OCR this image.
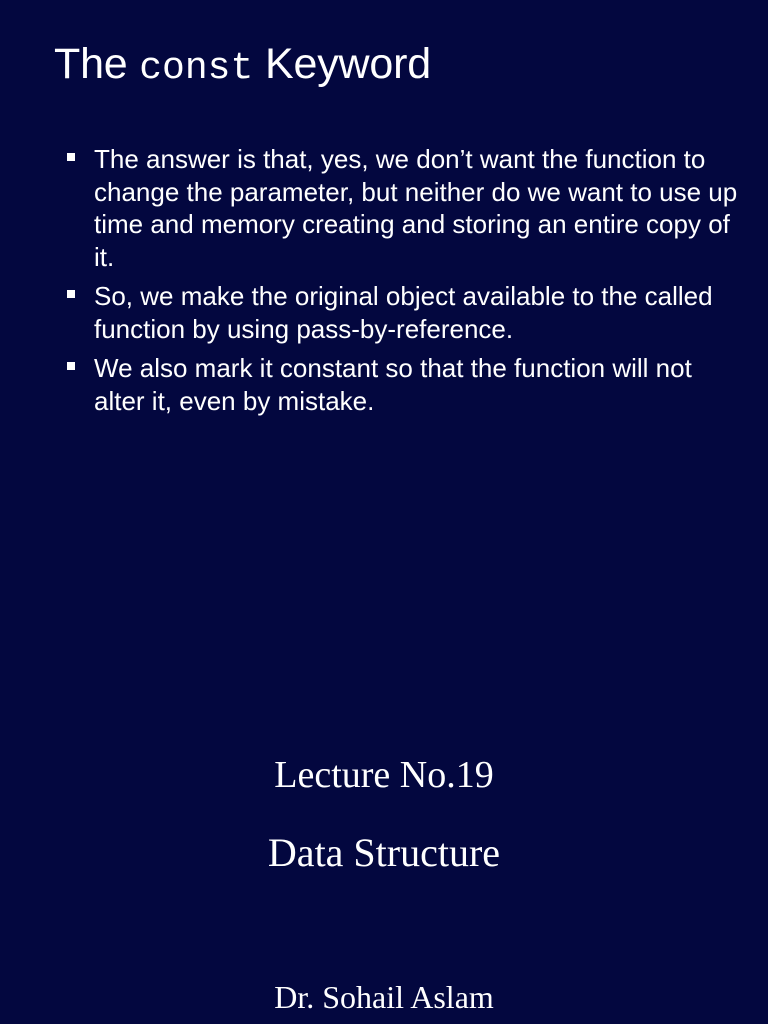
The const Keyword
The answer is that, yes, we don’t want the function to change the parameter, but neither do we want to use up time and memory creating and storing an entire copy of it.
So, we make the original object available to the called function by using pass-by-reference.
We also mark it constant so that the function will not alter it, even by mistake.
Lecture No.19
Data Structure
Dr. Sohail Aslam
